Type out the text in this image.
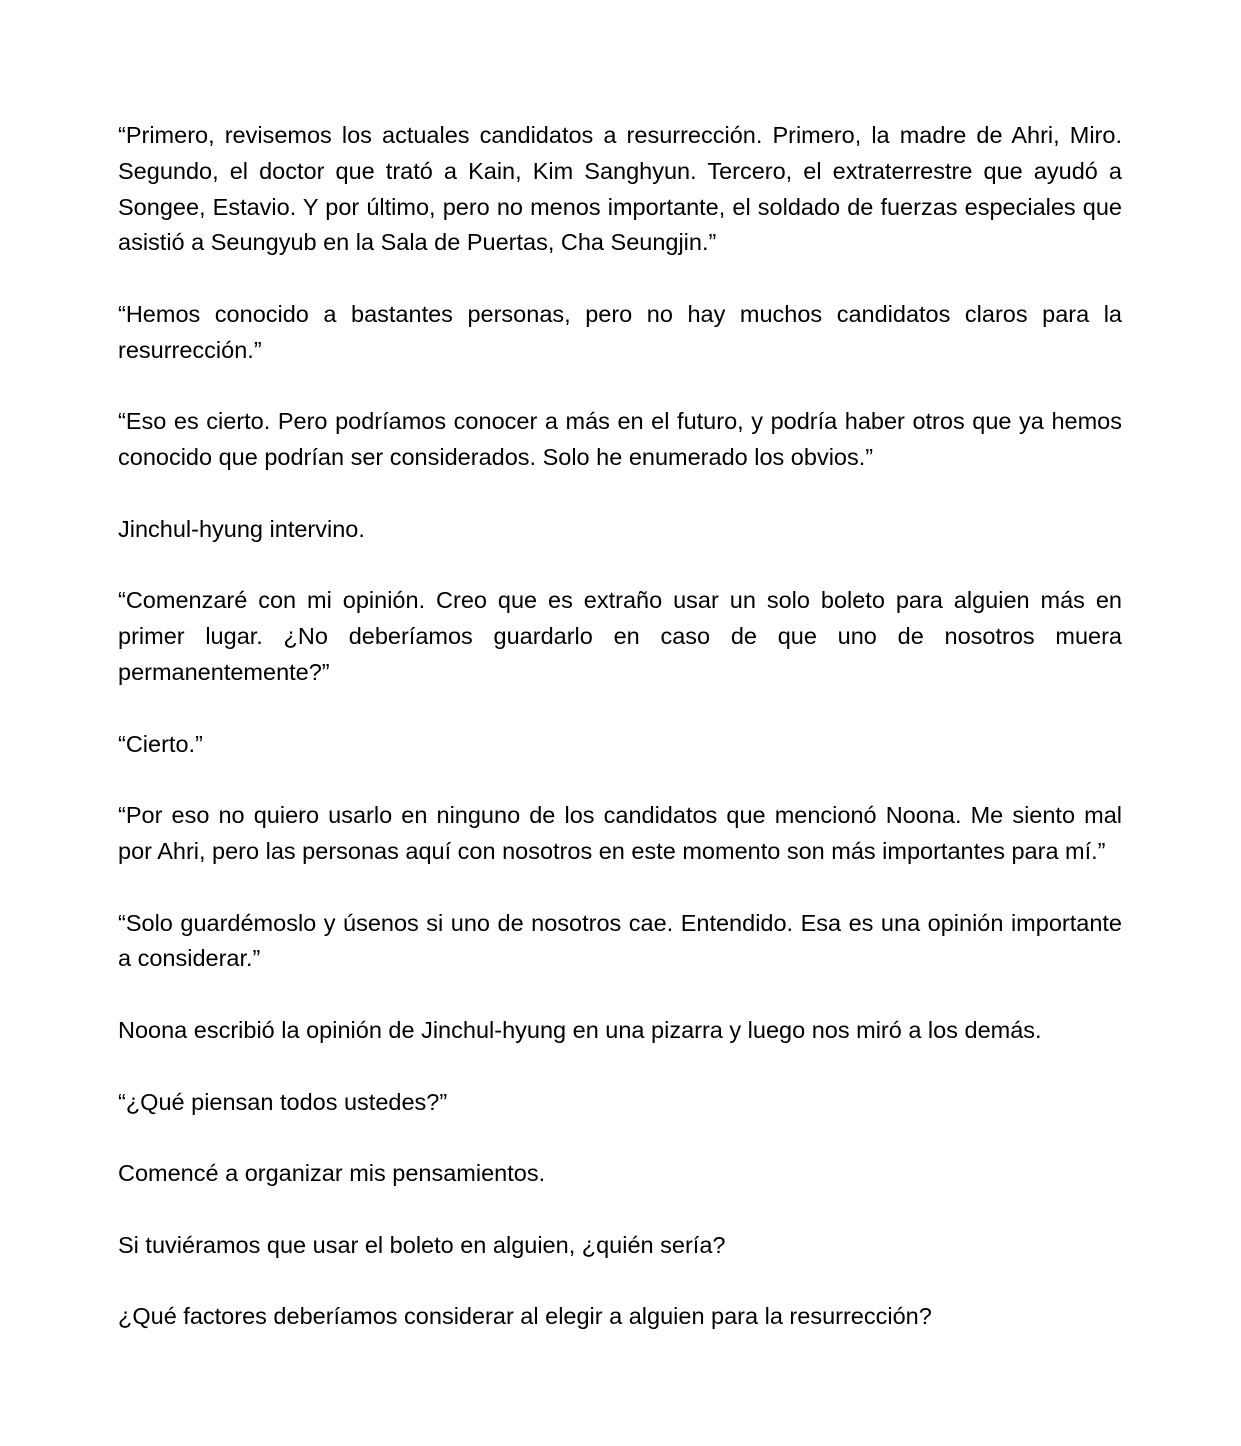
“Primero, revisemos los actuales candidatos a resurrección. Primero, la madre de Ahri, Miro. Segundo, el doctor que trató a Kain, Kim Sanghyun. Tercero, el extraterrestre que ayudó a Songee, Estavio. Y por último, pero no menos importante, el soldado de fuerzas especiales que asistió a Seungyub en la Sala de Puertas, Cha Seungjin.”

“Hemos conocido a bastantes personas, pero no hay muchos candidatos claros para la resurrección.”

“Eso es cierto. Pero podríamos conocer a más en el futuro, y podría haber otros que ya hemos conocido que podrían ser considerados. Solo he enumerado los obvios.”

Jinchul-hyung intervino.

“Comenzaré con mi opinión. Creo que es extraño usar un solo boleto para alguien más en primer lugar. ¿No deberíamos guardarlo en caso de que uno de nosotros muera permanentemente?”

“Cierto.”

“Por eso no quiero usarlo en ninguno de los candidatos que mencionó Noona. Me siento mal por Ahri, pero las personas aquí con nosotros en este momento son más importantes para mí.”

“Solo guardémoslo y úsenos si uno de nosotros cae. Entendido. Esa es una opinión importante a considerar.”

Noona escribió la opinión de Jinchul-hyung en una pizarra y luego nos miró a los demás.

“¿Qué piensan todos ustedes?”

Comencé a organizar mis pensamientos.

Si tuviéramos que usar el boleto en alguien, ¿quién sería?

¿Qué factores deberíamos considerar al elegir a alguien para la resurrección?
